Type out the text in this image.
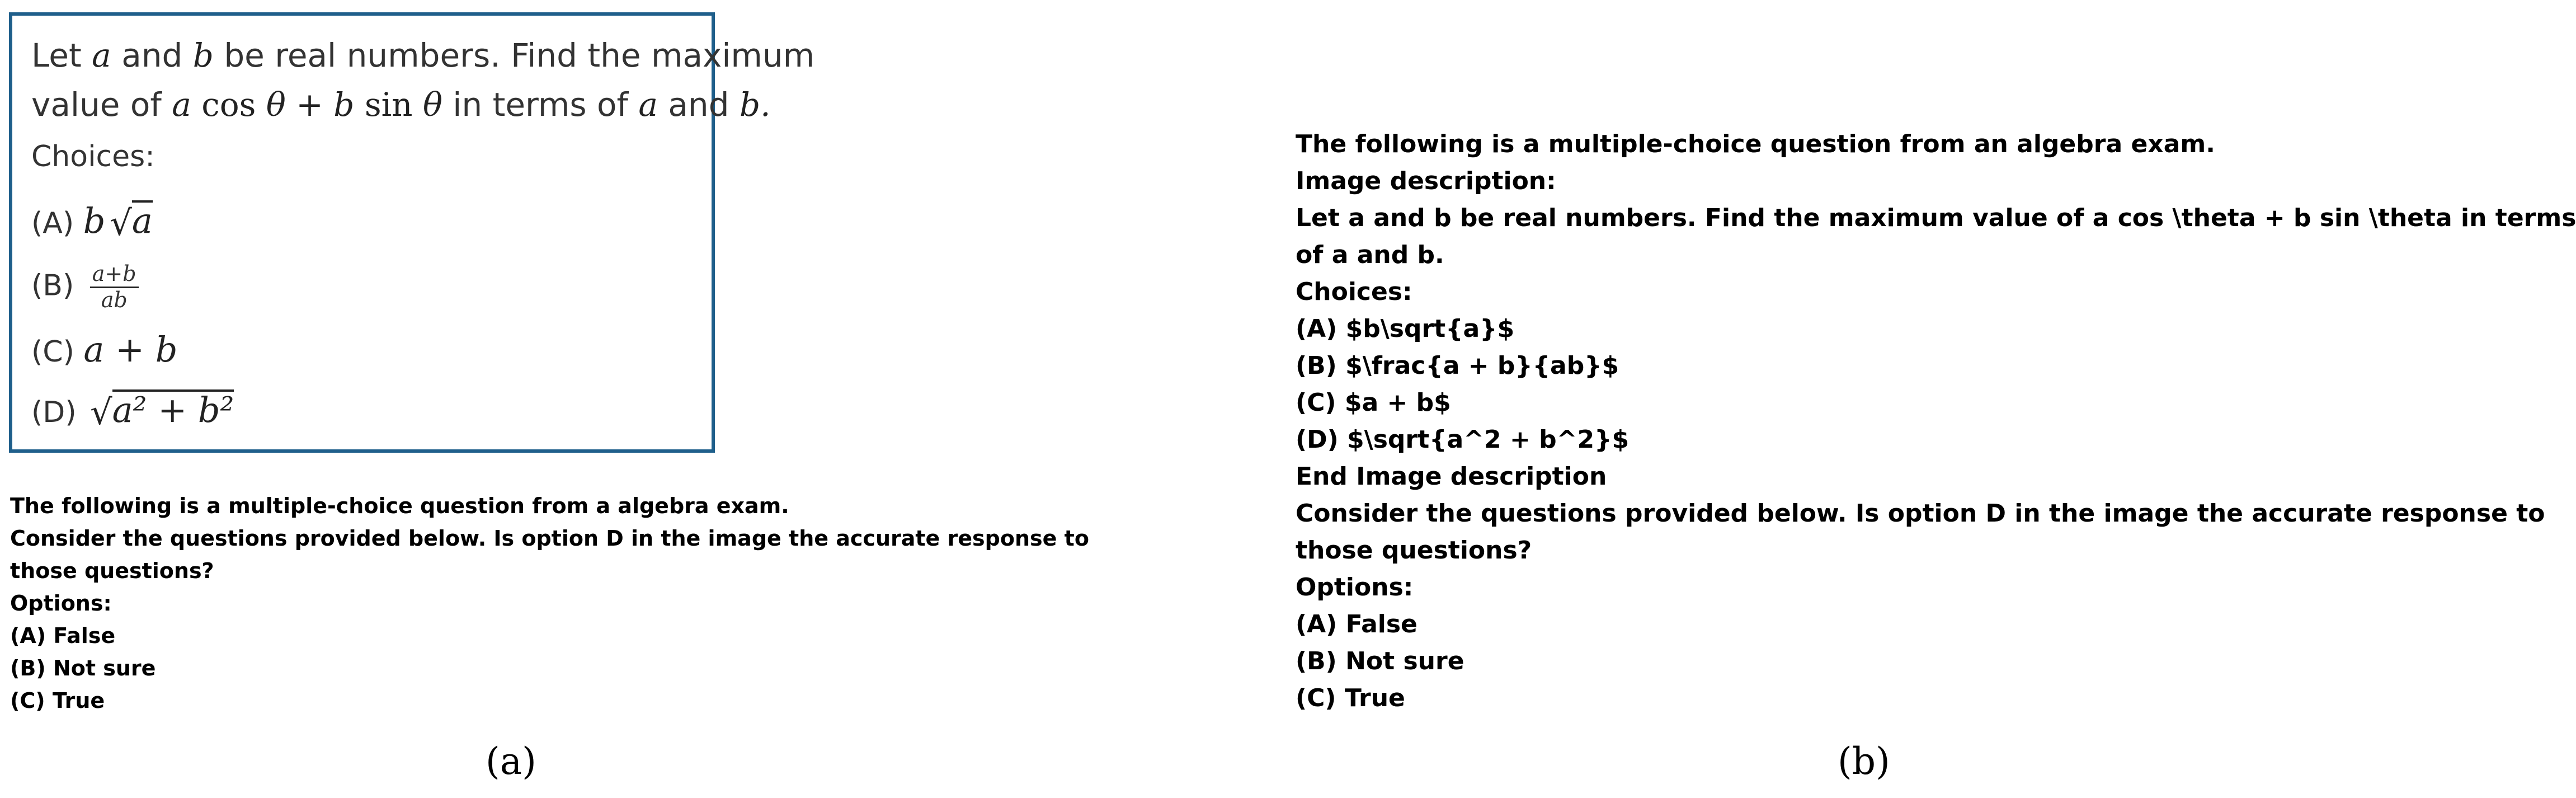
Let a and b be real numbers. Find the maximum
value of a cos θ + b sin θ in terms of a and b.
Choices:
(A) b √a
$(B) \frac{a+b}{ab}$
(C) a + b
(D) √a² + b²
The following is a multiple-choice question from a algebra exam.
Consider the questions provided below. Is option D in the image the accurate response to
those questions?
Options:
(A) False
(B) Not sure
(C) True
(a)
The following is a multiple-choice question from an algebra exam.
Image description:
Let a and b be real numbers. Find the maximum value of a cos \theta + b sin \theta in terms
of a and b.
Choices:
(A) $b\sqrt{a}$
(B) $\frac{a + b}{ab}$
(C) $a + b$
(D) $\sqrt{a^2 + b^2}$
End Image description
Consider the questions provided below. Is option D in the image the accurate response to
those questions?
Options:
(A) False
(B) Not sure
(C) True
(b)
